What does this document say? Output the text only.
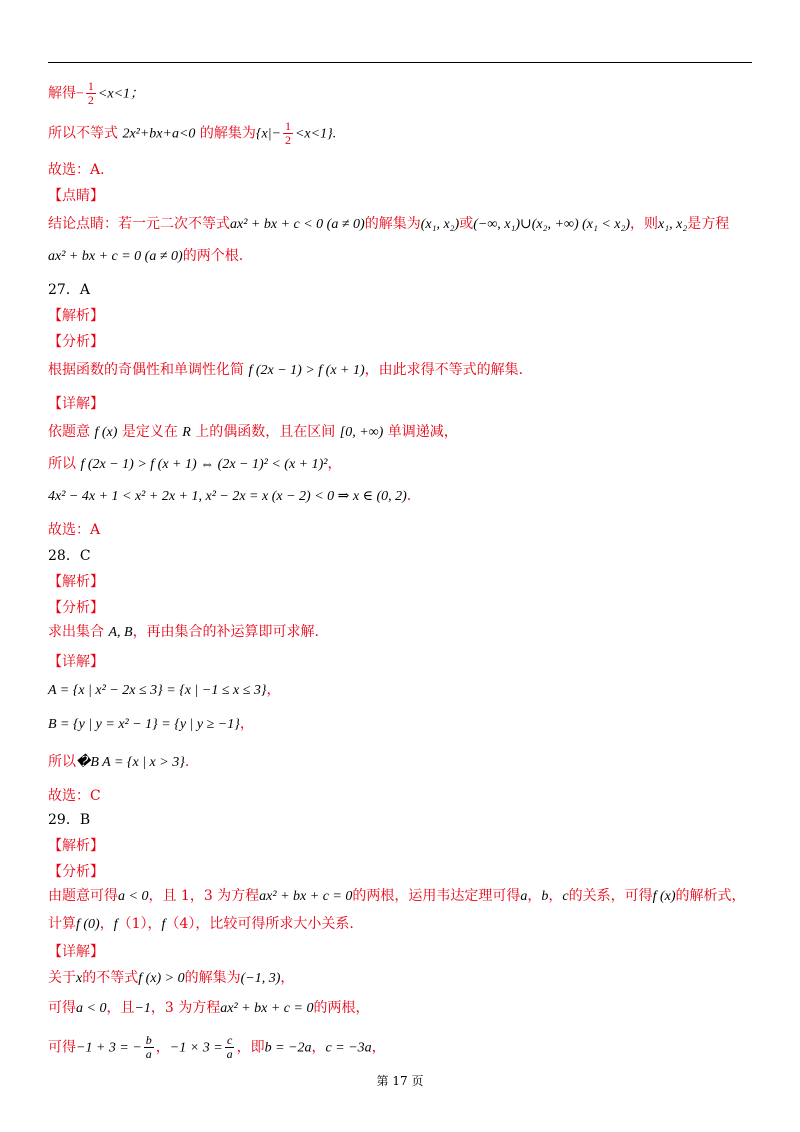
解得− $\frac{1}{2} <x<1$；
所以不等式 2x²+bx+a<0 的解集为$\{x|- \frac{1}{2} <x<1\}$.
故选：A.
【点睛】
结论点睛：若一元二次不等式ax² + bx + c < 0 (a ≠ 0)的解集为(x₁, x₂)或(−∞, x₁)∪(x₂, +∞) (x₁ < x₂)，则x₁, x₂是方程
ax² + bx + c = 0 (a ≠ 0)的两个根.
27．A
【解析】
【分析】
根据函数的奇偶性和单调性化简 f (2x − 1) > f (x + 1)，由此求得不等式的解集.
【详解】
依题意 f (x) 是定义在 R 上的偶函数，且在区间 [0, +∞) 单调递减，
所以 f (2x − 1) > f (x + 1) ⇔ (2x − 1)² < (x + 1)²，
4x² − 4x + 1 < x² + 2x + 1, x² − 2x = x (x − 2) < 0 ⇒ x ∈ (0, 2).
故选：A
28．C
【解析】
【分析】
求出集合 A, B，再由集合的补运算即可求解.
【详解】
A = {x | x² − 2x ≤ 3} = {x | −1 ≤ x ≤ 3}，
B = {y | y = x² − 1} = {y | y ≥ −1}，
所以�B A = {x | x > 3}.
故选：C
29．B
【解析】
【分析】
由题意可得a < 0，且 1，3 为方程ax² + bx + c = 0的两根，运用韦达定理可得a，b，c的关系，可得f (x)的解析式，
计算f (0)，f（1），f（4），比较可得所求大小关系.
【详解】
关于x的不等式f (x) > 0的解集为(−1, 3)，
可得a < 0，且−1，3 为方程ax² + bx + c = 0的两根，
可得−1 + 3 = − $\frac{b}{a}$ ，$-1 \times 3 = \frac{c}{a}$ ，即b = −2a，c = −3a，
第 17 页
